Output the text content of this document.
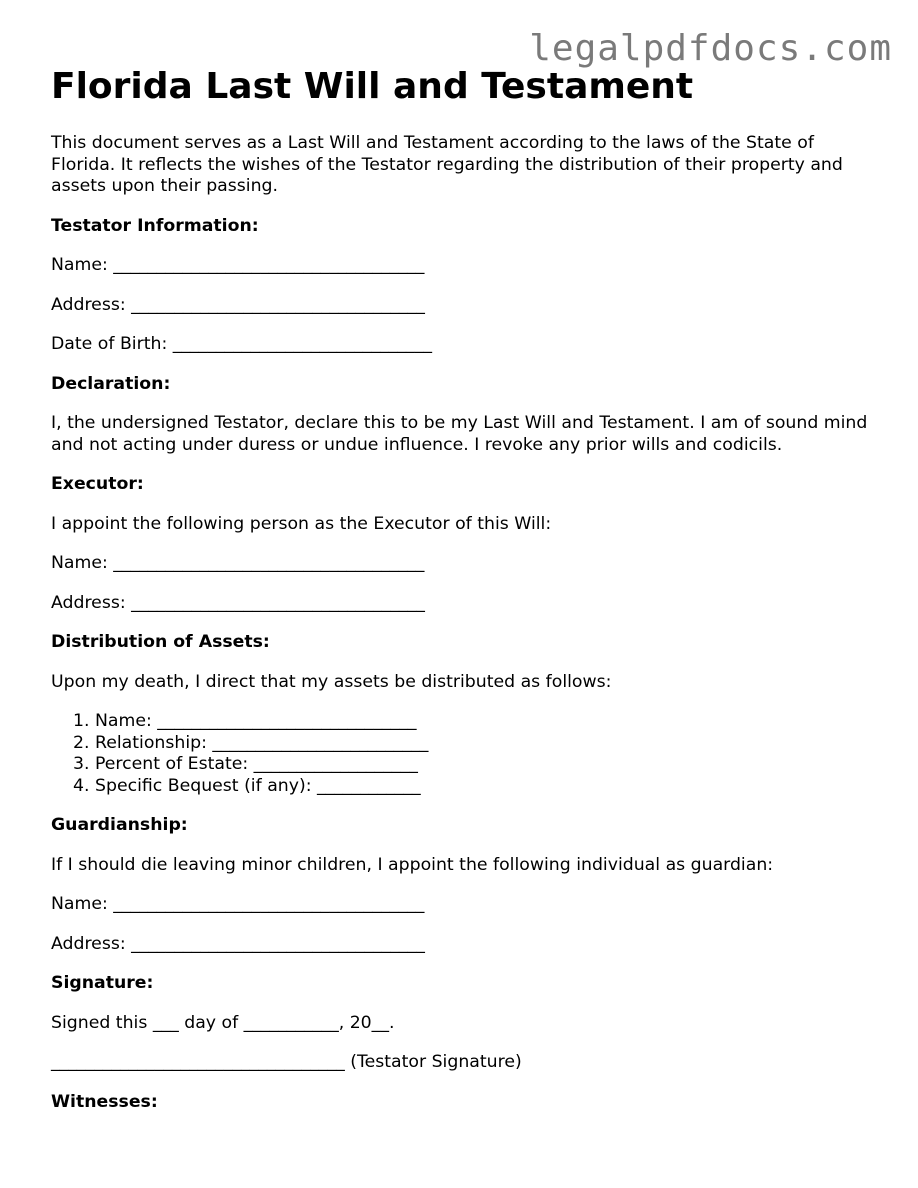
legalpdfdocs.com
Florida Last Will and Testament

This document serves as a Last Will and Testament according to the laws of the State of Florida. It reflects the wishes of the Testator regarding the distribution of their property and assets upon their passing.

Testator Information:

Name: ____________________________________

Address: __________________________________

Date of Birth: ______________________________

Declaration:

I, the undersigned Testator, declare this to be my Last Will and Testament. I am of sound mind and not acting under duress or undue influence. I revoke any prior wills and codicils.

Executor:

I appoint the following person as the Executor of this Will:

Name: ____________________________________

Address: __________________________________

Distribution of Assets:

Upon my death, I direct that my assets be distributed as follows:

1. Name: ______________________________
2. Relationship: _________________________
3. Percent of Estate: ___________________
4. Specific Bequest (if any): ____________

Guardianship:

If I should die leaving minor children, I appoint the following individual as guardian:

Name: ____________________________________

Address: __________________________________

Signature:

Signed this ___ day of ___________, 20__.

__________________________________ (Testator Signature)

Witnesses:
